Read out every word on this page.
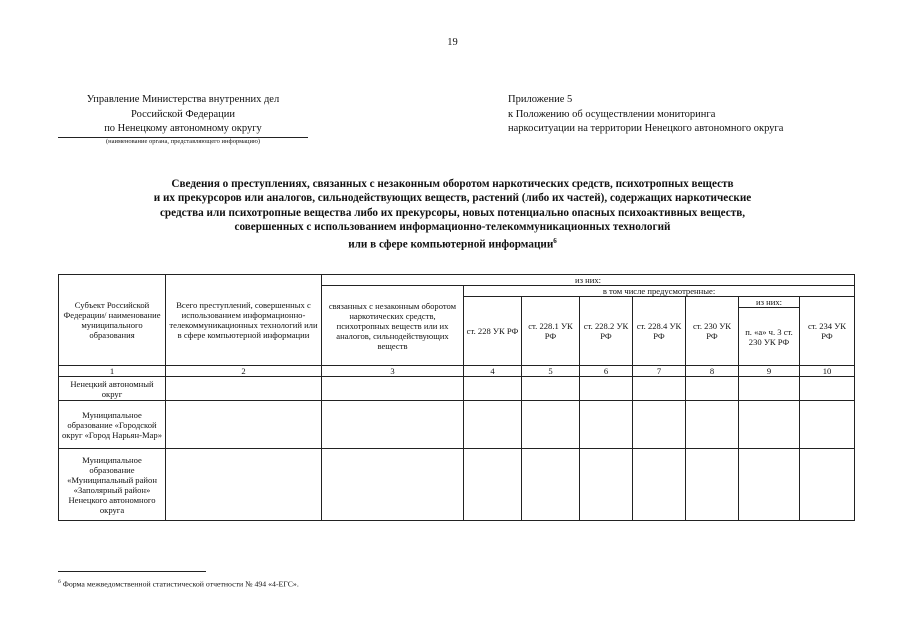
19
Управление Министерства внутренних дел
Российской Федерации
по Ненецкому автономному округу
(наименование органа, представляющего информацию)
Приложение 5
к Положению об осуществлении мониторинга
наркоситуации на территории Ненецкого автономного округа
Сведения о преступлениях, связанных с незаконным оборотом наркотических средств, психотропных веществ
и их прекурсоров или аналогов, сильнодействующих веществ, растений (либо их частей), содержащих наркотические
средства или психотропные вещества либо их прекурсоры, новых потенциально опасных психоактивных веществ,
совершенных с использованием информационно-телекоммуникационных технологий
или в сфере компьютерной информации$^6$
Субъект Российской Федерации/ наименование муниципального образования	Всего преступлений, совершенных с использованием информационно-телекоммуникационных технологий или в сфере компьютерной информации	из них:							
		связанных с незаконным оборотом наркотических средств, психотропных веществ или их аналогов, сильнодействующих веществ	в том числе предусмотренные:						
			ст. 228 УК РФ	ст. 228.1 УК РФ	ст. 228.2 УК РФ	ст. 228.4 УК РФ	ст. 230 УК РФ	из них:	ст. 234 УК РФ
								п. «а» ч. 3 ст. 230 УК РФ	
1	2	3	4	5	6	7	8	9	10
Ненецкий автономный округ									
Муниципальное образование «Городской округ «Город Нарьян-Мар»									
Муниципальное образование «Муниципальный район «Заполярный район» Ненецкого автономного округа									
$^6$ Форма межведомственной статистической отчетности № 494 «4-ЕГС».
